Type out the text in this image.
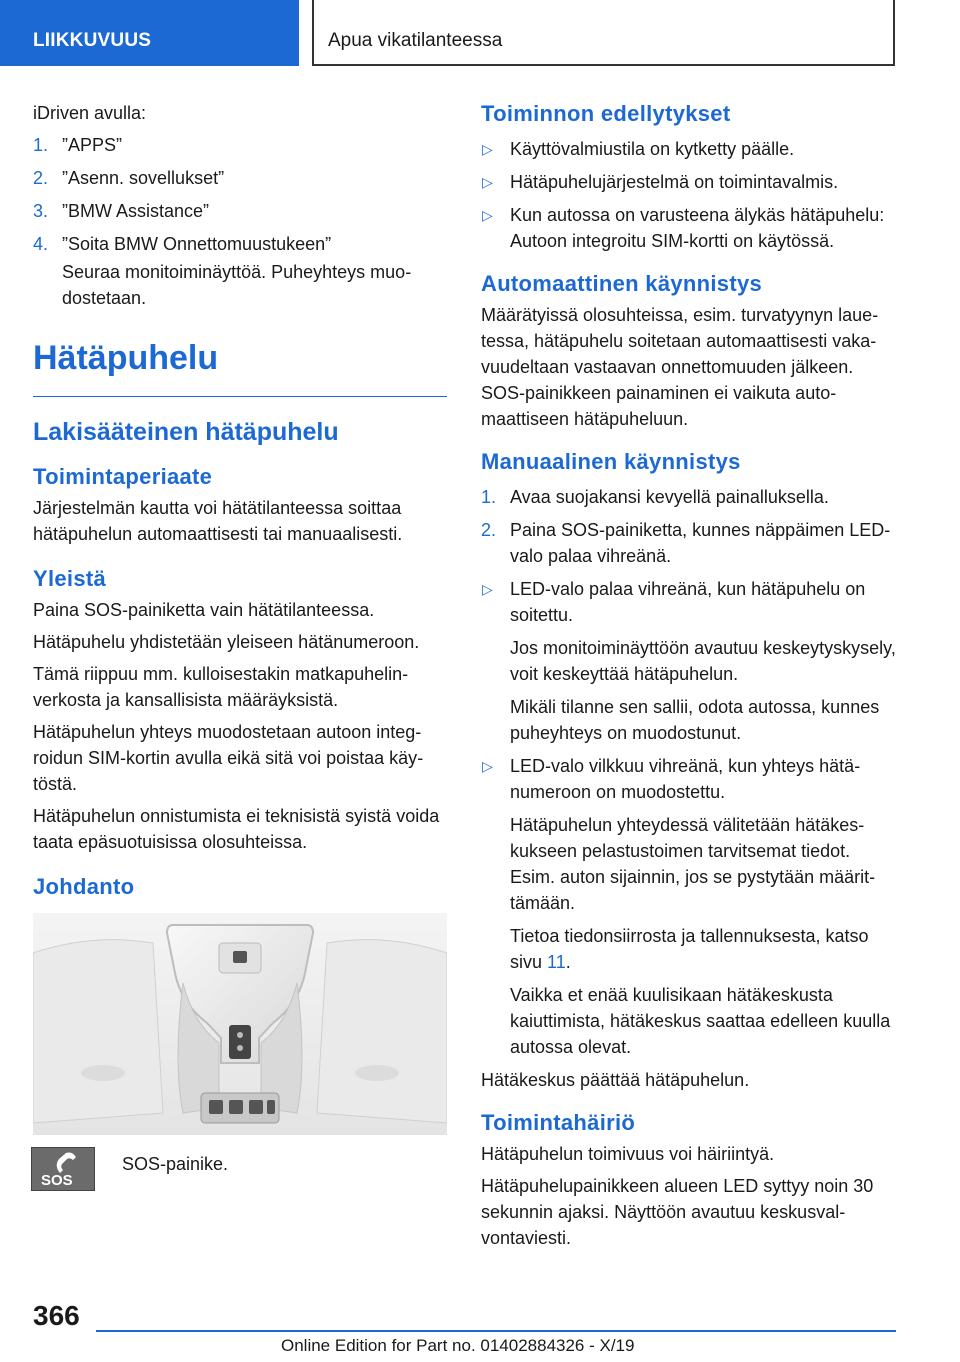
LIIKKUVUUS	Apua vikatilanteessa

iDriven avulla:

1. ”APPS”
2. ”Asenn. sovellukset”
3. ”BMW Assistance”
4. ”Soita BMW Onnettomuustukeen”
Seuraa monitoiminäyttöä. Puheyhteys muodostetaan.
Hätäpuhelu
Lakisääteinen hätäpuhelu
Toimintaperiaate

Järjestelmän kautta voi hätätilanteessa soittaa hätäpuhelun automaattisesti tai manuaalisesti.

Yleistä

Paina SOS-painiketta vain hätätilanteessa.

Hätäpuhelu yhdistetään yleiseen hätänumeroon.

Tämä riippuu mm. kulloisestakin matkapuhelinverkosta ja kansallisista määräyksistä.

Hätäpuhelun yhteys muodostetaan autoon integroidun SIM-kortin avulla eikä sitä voi poistaa käytöstä.

Hätäpuhelun onnistumista ei teknisistä syistä voida taata epäsuotuisissa olosuhteissa.

Johdanto
SOS
SOS-painike.
Toiminnon edellytykset
▷ Käyttövalmiustila on kytketty päälle.
▷ Hätäpuhelujärjestelmä on toimintavalmis.
▷ Kun autossa on varusteena älykäs hätäpuhelu: Autoon integroitu SIM-kortti on käytössä.
Automaattinen käynnistys

Määrätyissä olosuhteissa, esim. turvatyynyn lauetessa, hätäpuhelu soitetaan automaattisesti vakavuudeltaan vastaavan onnettomuuden jälkeen. SOS-painikkeen painaminen ei vaikuta automaattiseen hätäpuheluun.

Manuaalinen käynnistys
1. Avaa suojakansi kevyellä painalluksella.
2. Paina SOS-painiketta, kunnes näppäimen LED-valo palaa vihreänä.
▷ LED-valo palaa vihreänä, kun hätäpuhelu on soitettu.
Jos monitoiminäyttöön avautuu keskeytyskysely, voit keskeyttää hätäpuhelun.
Mikäli tilanne sen sallii, odota autossa, kunnes puheyhteys on muodostunut.
▷ LED-valo vilkkuu vihreänä, kun yhteys hätänumeroon on muodostettu.
Hätäpuhelun yhteydessä välitetään hätäkeskukseen pelastustoimen tarvitsemat tiedot. Esim. auton sijainnin, jos se pystytään määrittämään.
Tietoa tiedonsiirrosta ja tallennuksesta, katso sivu 11.
Vaikka et enää kuulisikaan hätäkeskusta kaiuttimista, hätäkeskus saattaa edelleen kuulla autossa olevat.

Hätäkeskus päättää hätäpuhelun.

Toimintahäiriö

Hätäpuhelun toimivuus voi häiriintyä.

Hätäpuhelupainikkeen alueen LED syttyy noin 30 sekunnin ajaksi. Näyttöön avautuu keskusvalvontaviesti.

366
Online Edition for Part no. 01402884326 - X/19
